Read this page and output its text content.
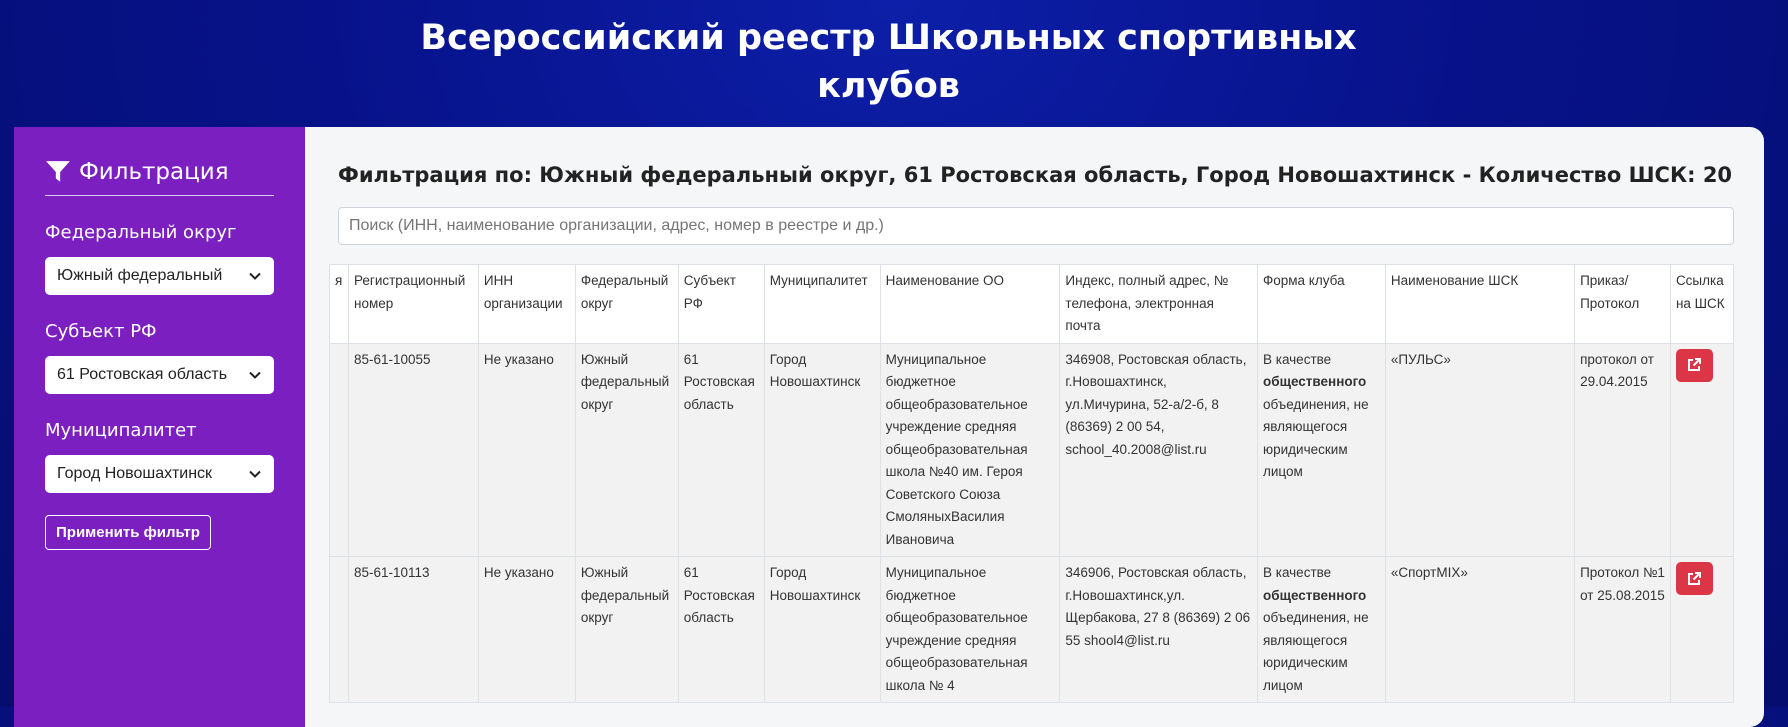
Всероссийский реестр Школьных спортивных
клубов
Фильтрация
Федеральный округ
Южный федеральный
Субъект РФ
61 Ростовская область
Муниципалитет
Город Новошахтинск
Применить фильтр
Фильтрация по: Южный федеральный округ, 61 Ростовская область, Город Новошахтинск - Количество ШСК: 20
Поиск (ИНН, наименование организации, адрес, номер в реестре и др.)
я	Регистрационный номер	ИНН организации	Федеральный округ	Субъект РФ	Муниципалитет	Наименование ОО	Индекс, полный адрес, № телефона, электронная почта	Форма клуба	Наименование ШСК	Приказ/ Протокол	Ссылка на ШСК
	85-61-10055	Не указано	Южный федеральный округ	61 Ростовская область	Город Новошахтинск	Муниципальное бюджетное общеобразовательное учреждение средняя общеобразовательная школа №40 им. Героя Советского Союза СмоляныхВасилия Ивановича	346908, Ростовская область, г.Новошахтинск, ул.Мичурина, 52-а/2-б, 8 (86369) 2 00 54, school_40.2008@list.ru	В качестве общественного объединения, не являющегося юридическим лицом	«ПУЛЬС»	протокол от 29.04.2015	

	85-61-10113	Не указано	Южный федеральный округ	61 Ростовская область	Город Новошахтинск	Муниципальное бюджетное общеобразовательное учреждение средняя общеобразовательная школа № 4	346906, Ростовская область, г.Новошахтинск,ул. Щербакова, 27 8 (86369) 2 06 55 shool4@list.ru	В качестве общественного объединения, не являющегося юридическим лицом	«СпортMIX»	Протокол №1 от 25.08.2015	
